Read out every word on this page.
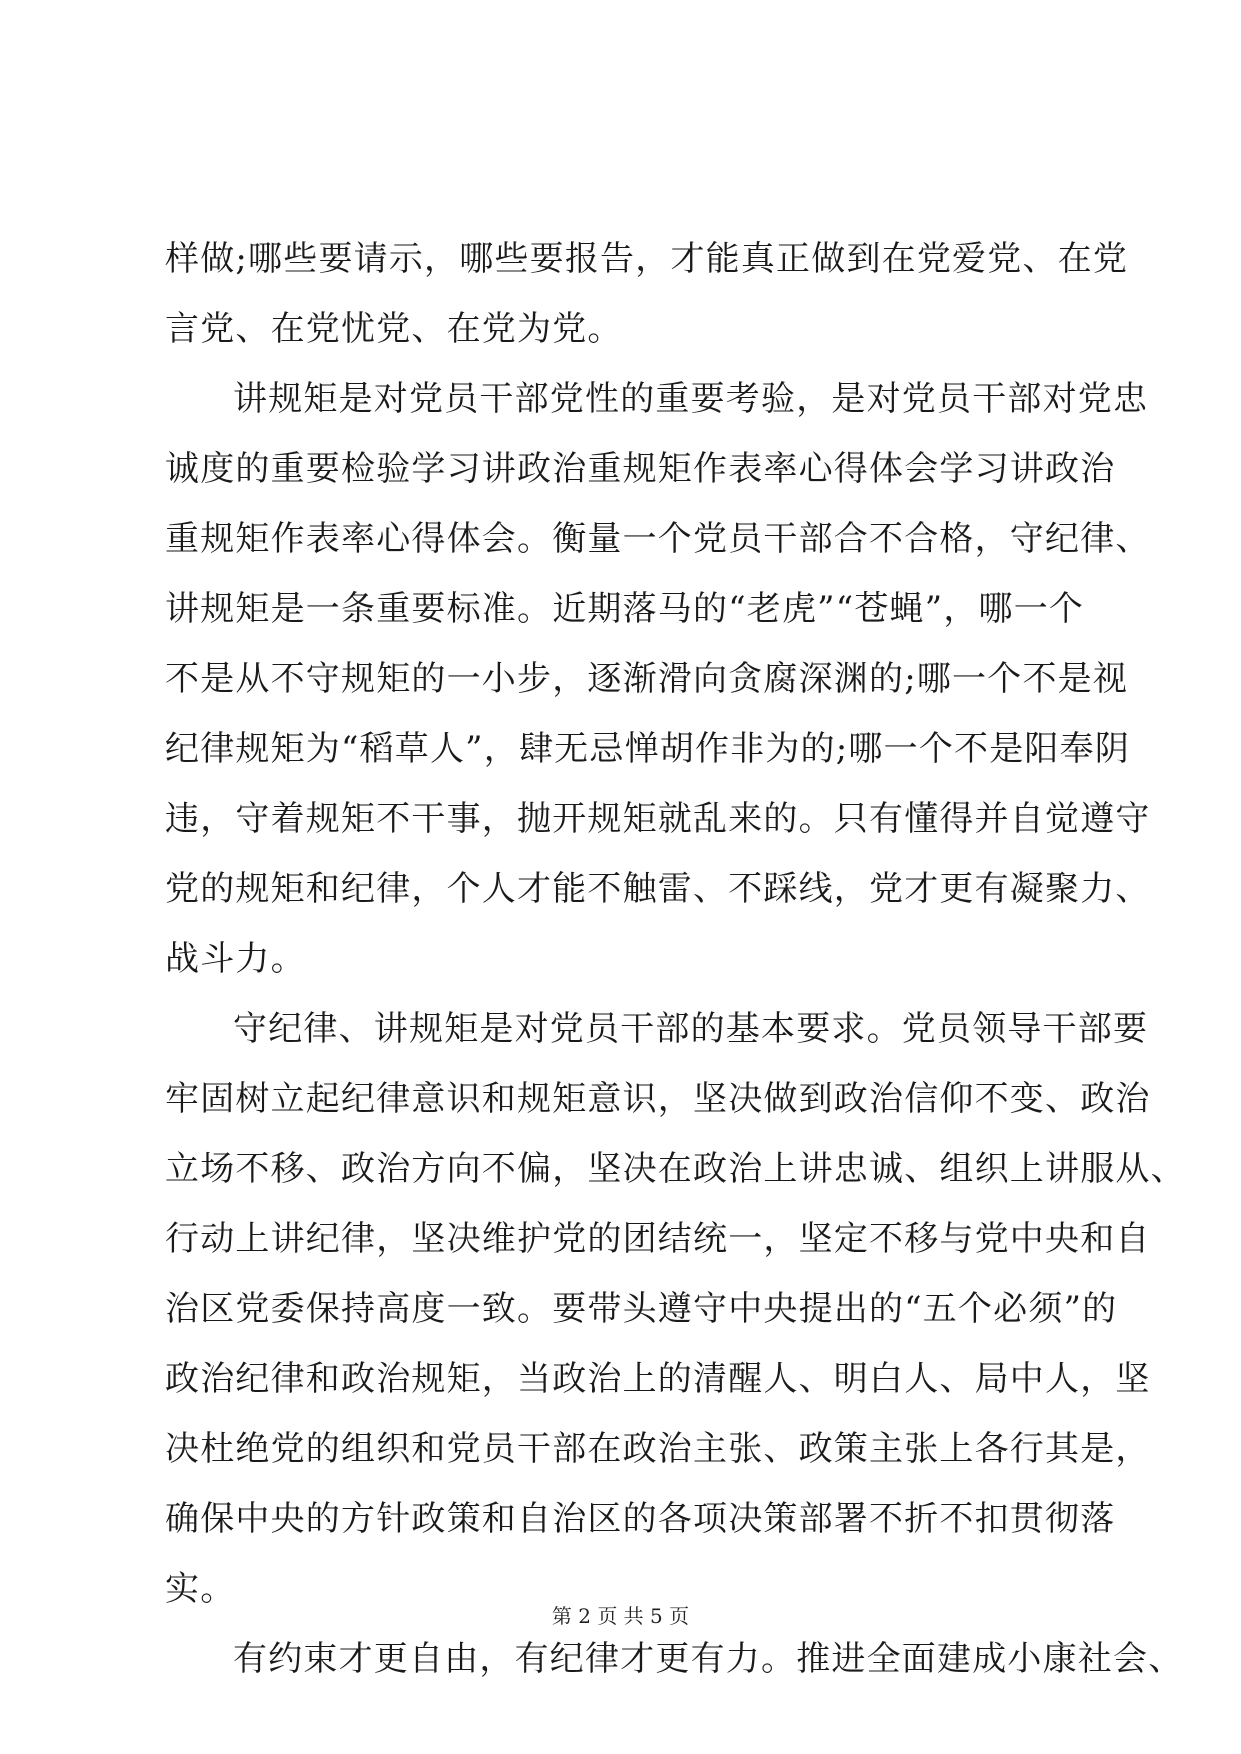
样做;哪些要请示，哪些要报告，才能真正做到在党爱党、在党
言党、在党忧党、在党为党。
讲规矩是对党员干部党性的重要考验，是对党员干部对党忠
诚度的重要检验学习讲政治重规矩作表率心得体会学习讲政治
重规矩作表率心得体会。衡量一个党员干部合不合格，守纪律、
讲规矩是一条重要标准。近期落马的“老虎”“苍蝇”，哪一个
不是从不守规矩的一小步，逐渐滑向贪腐深渊的;哪一个不是视
纪律规矩为“稻草人”，肆无忌惮胡作非为的;哪一个不是阳奉阴
违，守着规矩不干事，抛开规矩就乱来的。只有懂得并自觉遵守
党的规矩和纪律，个人才能不触雷、不踩线，党才更有凝聚力、
战斗力。
守纪律、讲规矩是对党员干部的基本要求。党员领导干部要
牢固树立起纪律意识和规矩意识，坚决做到政治信仰不变、政治
立场不移、政治方向不偏，坚决在政治上讲忠诚、组织上讲服从、
行动上讲纪律，坚决维护党的团结统一，坚定不移与党中央和自
治区党委保持高度一致。要带头遵守中央提出的“五个必须”的
政治纪律和政治规矩，当政治上的清醒人、明白人、局中人，坚
决杜绝党的组织和党员干部在政治主张、政策主张上各行其是，
确保中央的方针政策和自治区的各项决策部署不折不扣贯彻落
实。
有约束才更自由，有纪律才更有力。推进全面建成小康社会、
第 2 页 共 5 页
